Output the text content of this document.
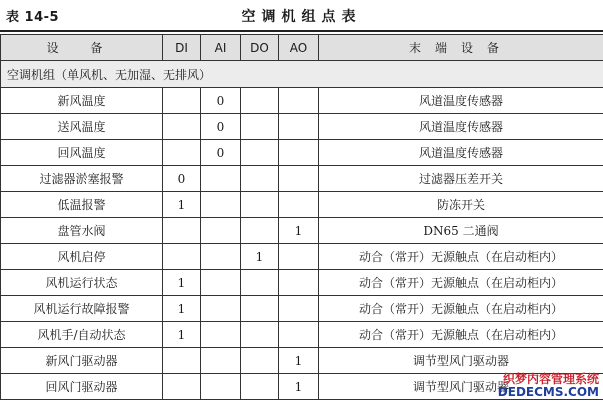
表 14-5	空调机组点表
设 备	DI	AI	DO	AO	末端设备
空调机组（单风机、无加湿、无排风）					
新风温度		0			风道温度传感器
送风温度		0			风道温度传感器
回风温度		0			风道温度传感器
过滤器淤塞报警	0				过滤器压差开关
低温报警	1				防冻开关
盘管水阀				1	DN65 二通阀
风机启停			1		动合（常开）无源触点（在启动柜内）
风机运行状态	1				动合（常开）无源触点（在启动柜内）
风机运行故障报警	1				动合（常开）无源触点（在启动柜内）
风机手/自动状态	1				动合（常开）无源触点（在启动柜内）
新风门驱动器				1	调节型风门驱动器
回风门驱动器				1	调节型风门驱动器
织梦内容管理系统
DEDECMS.COM
